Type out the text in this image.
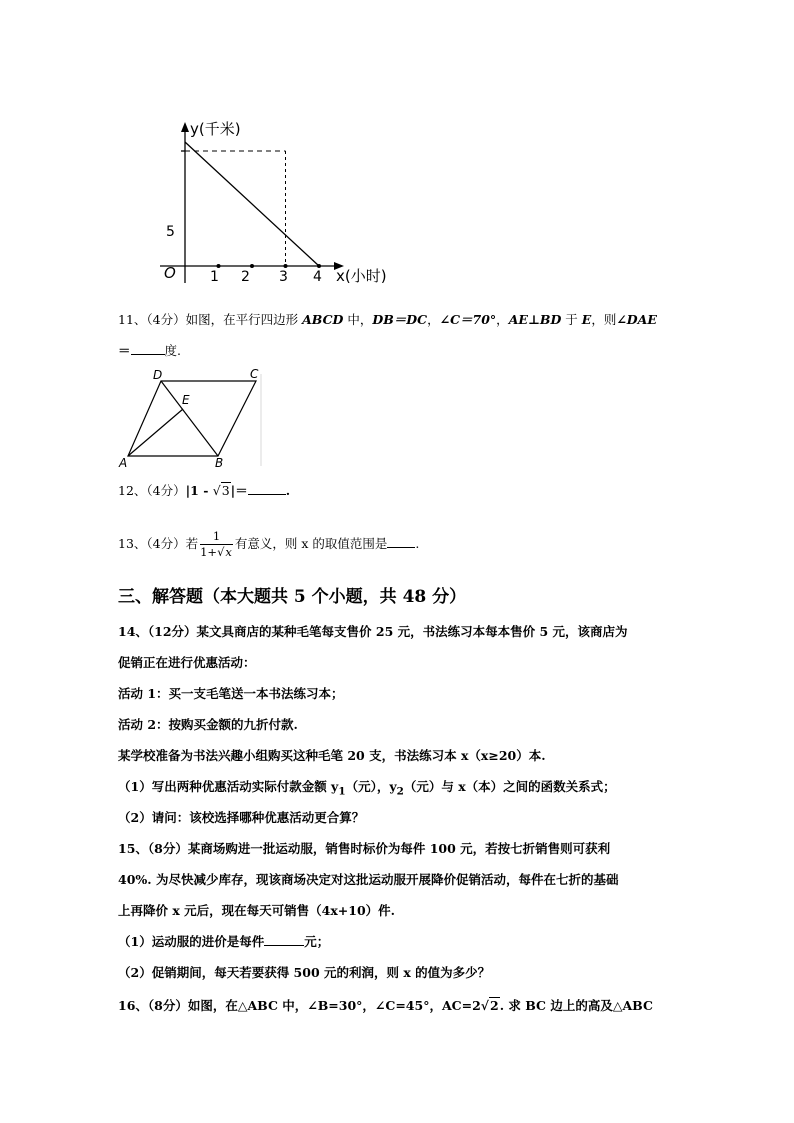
y(千米)
x(小时)
O
5
1 2 3 4
11、（4分）如图，在平行四边形 ABCD 中，DB＝DC，∠C＝70°，AE⊥BD 于 E，则∠DAE
＝	度.
A	B
C
D
E
12、（4分）|1 - √3|＝	.
13、（4分）若 $\frac{1}{1+√x}$ 有意义，则 x 的取值范围是 .
三、解答题（本大题共 5 个小题，共 48 分）
14、（12分）某文具商店的某种毛笔每支售价 25 元，书法练习本每本售价 5 元，该商店为
促销正在进行优惠活动：
活动 1：买一支毛笔送一本书法练习本；
活动 2：按购买金额的九折付款.
某学校准备为书法兴趣小组购买这种毛笔 20 支，书法练习本 x（x≥20）本.
（1）写出两种优惠活动实际付款金额 $y_1$（元），$y_2$（元）与 x（本）之间的函数关系式；
（2）请问：该校选择哪种优惠活动更合算？
15、（8分）某商场购进一批运动服，销售时标价为每件 100 元，若按七折销售则可获利
40%. 为尽快减少库存，现该商场决定对这批运动服开展降价促销活动，每件在七折的基础
上再降价 x 元后，现在每天可销售（4x+10）件.
（1）运动服的进价是每件	元；
（2）促销期间，每天若要获得 500 元的利润，则 x 的值为多少？
16、（8分）如图，在△ABC 中，∠B=30°，∠C=45°，AC=2√2. 求 BC 边上的高及△ABC
